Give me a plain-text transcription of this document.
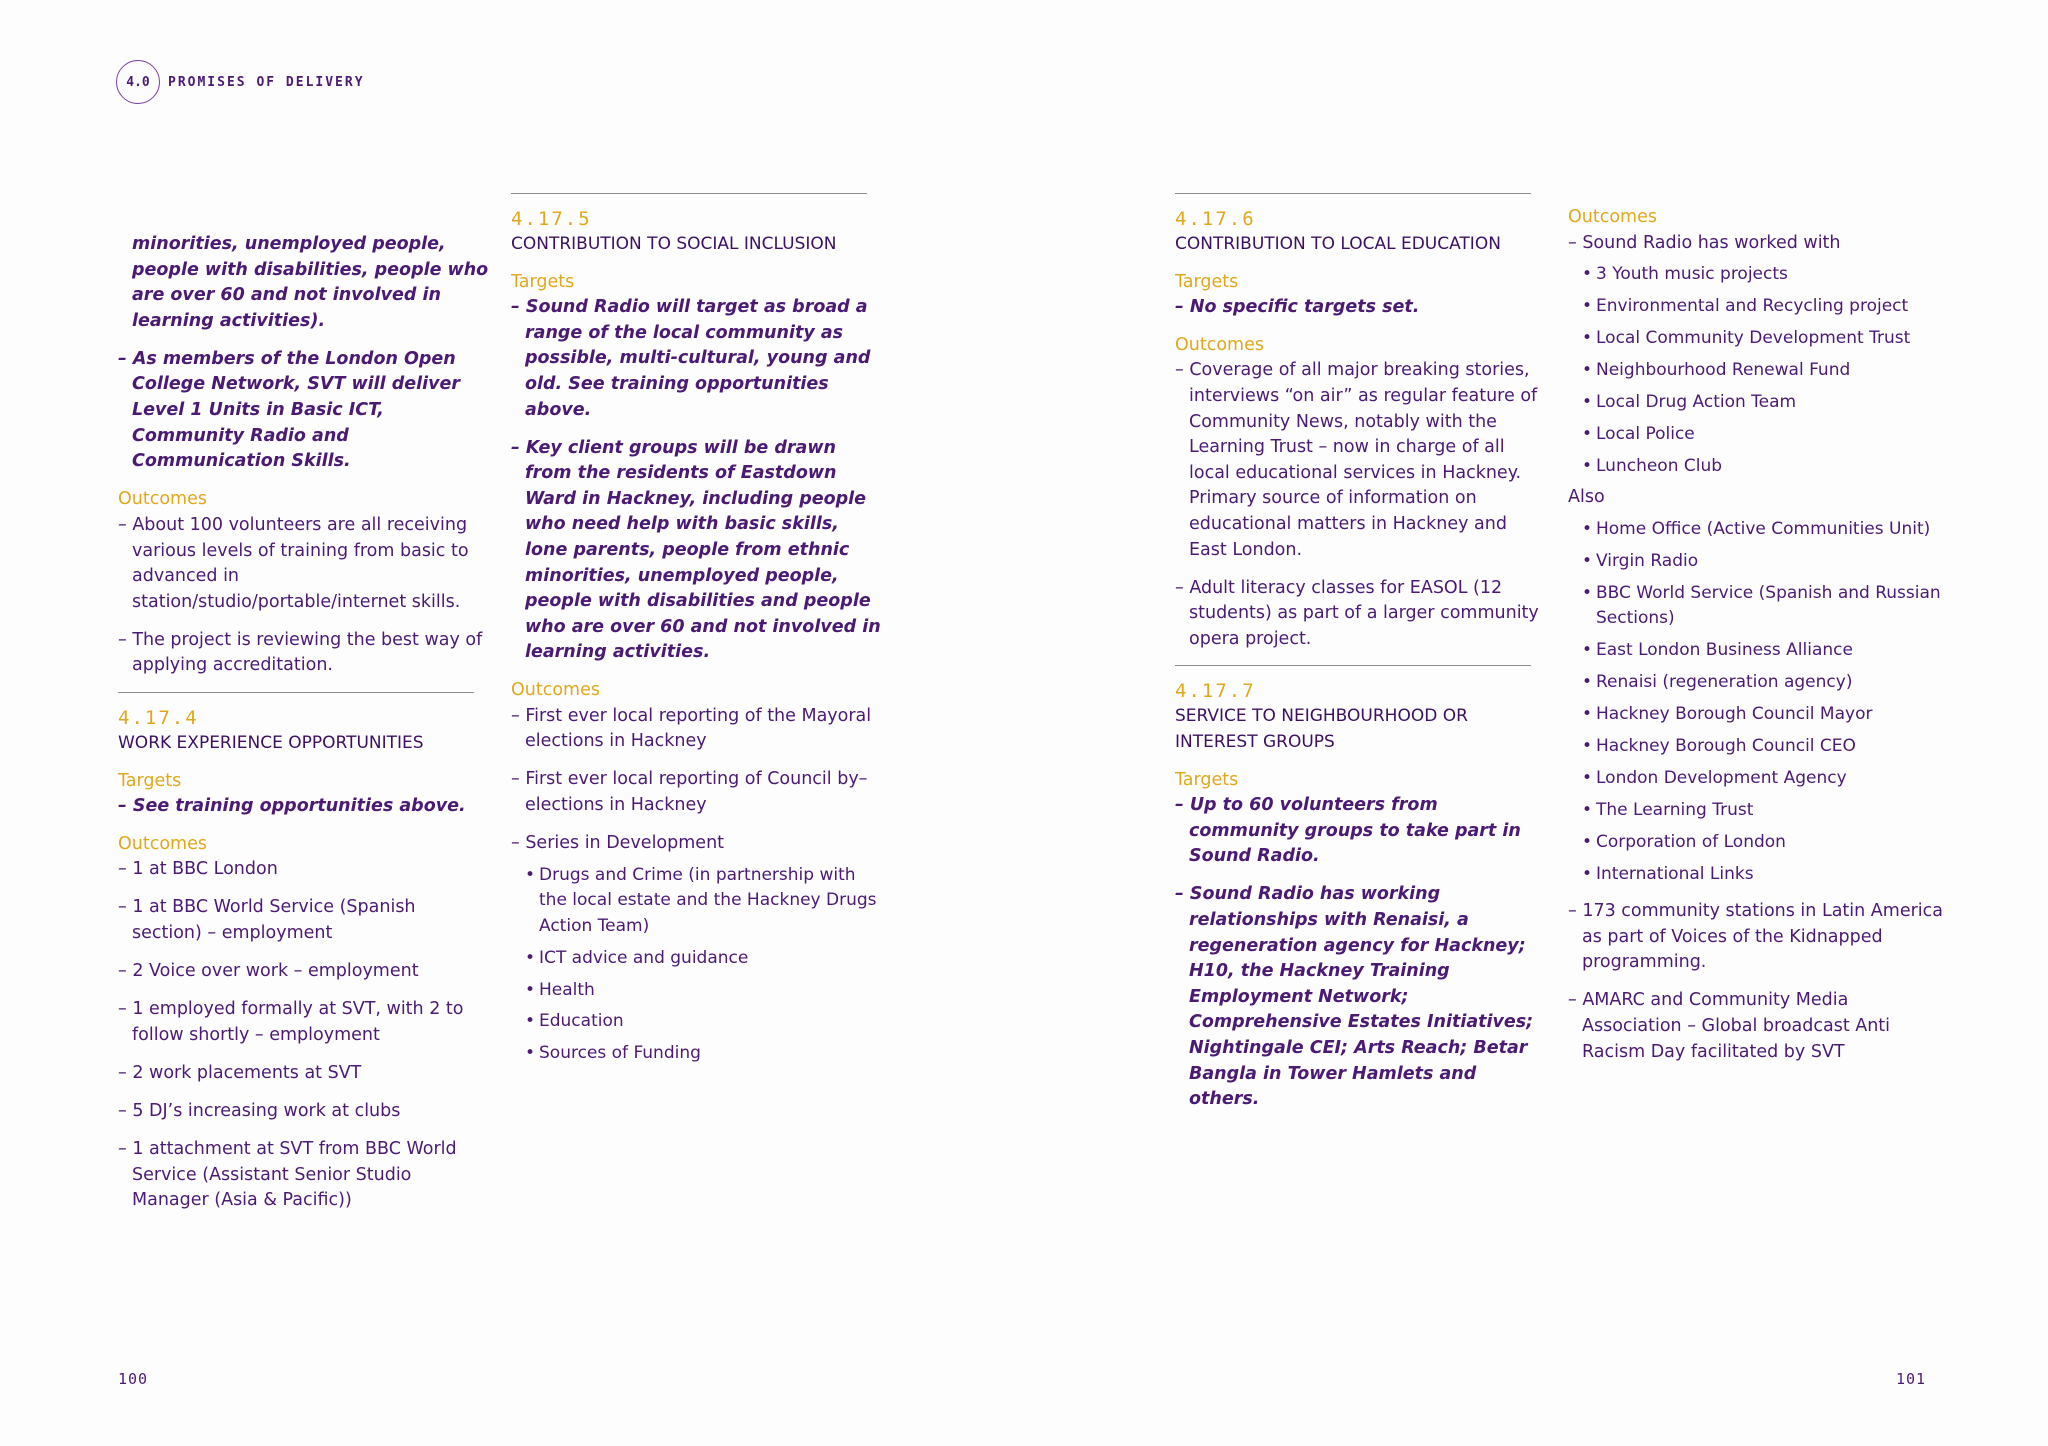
4.0	PROMISES OF DELIVERY
minorities, unemployed people, people with disabilities, people who are over 60 and not involved in learning activities).
– As members of the London Open College Network, SVT will deliver Level 1 Units in Basic ICT, Community Radio and Communication Skills.
Outcomes
– About 100 volunteers are all receiving various levels of training from basic to advanced in station/studio/portable/internet skills.
– The project is reviewing the best way of applying accreditation.
4.17.4
WORK EXPERIENCE OPPORTUNITIES
Targets
– See training opportunities above.
Outcomes
– 1 at BBC London
– 1 at BBC World Service (Spanish section) – employment
– 2 Voice over work – employment
– 1 employed formally at SVT, with 2 to follow shortly – employment
– 2 work placements at SVT
– 5 DJ’s increasing work at clubs
– 1 attachment at SVT from BBC World Service (Assistant Senior Studio Manager (Asia & Pacific))
4.17.5
CONTRIBUTION TO SOCIAL INCLUSION
Targets
– Sound Radio will target as broad a range of the local community as possible, multi-cultural, young and old. See training opportunities above.
– Key client groups will be drawn from the residents of Eastdown Ward in Hackney, including people who need help with basic skills, lone parents, people from ethnic minorities, unemployed people, people with disabilities and people who are over 60 and not involved in learning activities.
Outcomes
– First ever local reporting of the Mayoral elections in Hackney
– First ever local reporting of Council by–elections in Hackney
– Series in Development
• Drugs and Crime (in partnership with the local estate and the Hackney Drugs Action Team)
• ICT advice and guidance
• Health
• Education
• Sources of Funding
4.17.6
CONTRIBUTION TO LOCAL EDUCATION
Targets
– No specific targets set.
Outcomes
– Coverage of all major breaking stories, interviews “on air” as regular feature of Community News, notably with the Learning Trust – now in charge of all local educational services in Hackney. Primary source of information on educational matters in Hackney and East London.
– Adult literacy classes for EASOL (12 students) as part of a larger community opera project.
4.17.7
SERVICE TO NEIGHBOURHOOD OR INTEREST GROUPS
Targets
– Up to 60 volunteers from community groups to take part in Sound Radio.
– Sound Radio has working relationships with Renaisi, a regeneration agency for Hackney; H10, the Hackney Training Employment Network; Comprehensive Estates Initiatives; Nightingale CEI; Arts Reach; Betar Bangla in Tower Hamlets and others.
Outcomes
– Sound Radio has worked with
• 3 Youth music projects
• Environmental and Recycling project
• Local Community Development Trust
• Neighbourhood Renewal Fund
• Local Drug Action Team
• Local Police
• Luncheon Club
Also
• Home Office (Active Communities Unit)
• Virgin Radio
• BBC World Service (Spanish and Russian Sections)
• East London Business Alliance
• Renaisi (regeneration agency)
• Hackney Borough Council Mayor
• Hackney Borough Council CEO
• London Development Agency
• The Learning Trust
• Corporation of London
• International Links
– 173 community stations in Latin America as part of Voices of the Kidnapped programming.
– AMARC and Community Media Association – Global broadcast Anti Racism Day facilitated by SVT
100	101
